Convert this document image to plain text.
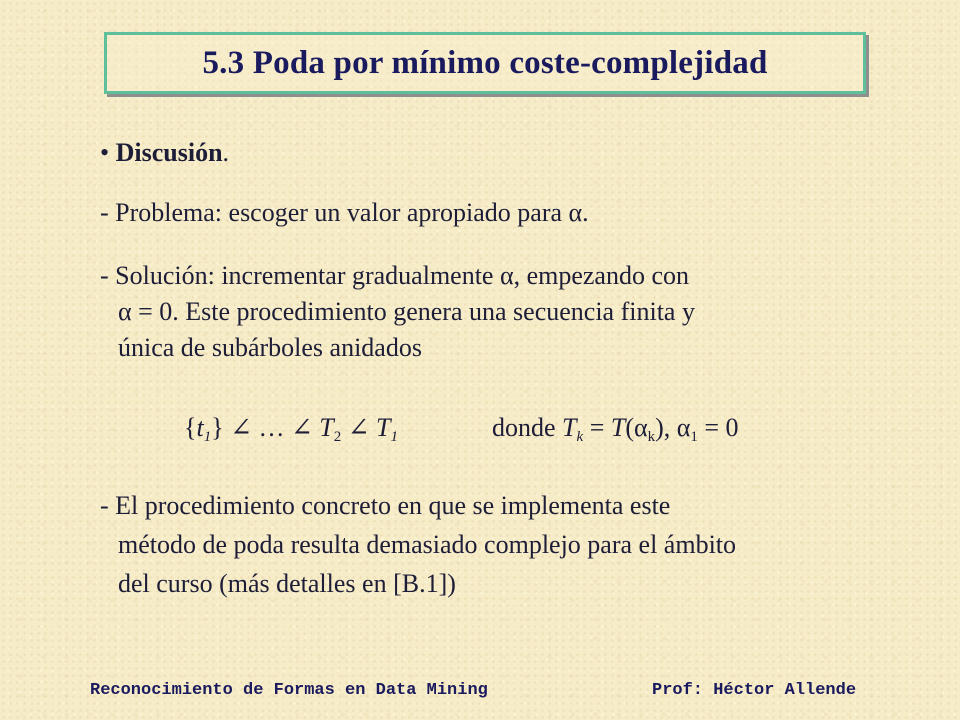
5.3 Poda por mínimo coste-complejidad
• Discusión.
- Problema: escoger un valor apropiado para α.
- Solución: incrementar gradualmente α, empezando con
α = 0. Este procedimiento genera una secuencia finita y
única de subárboles anidados
$\{t_1\}$ ∠ … ∠ $T_2$ ∠ $T_1$	donde $T_k = T(\alpha_k)$, $\alpha_1 = 0$
- El procedimiento concreto en que se implementa este
método de poda resulta demasiado complejo para el ámbito
del curso (más detalles en [B.1])
Reconocimiento de Formas en Data Mining	Prof: Héctor Allende
